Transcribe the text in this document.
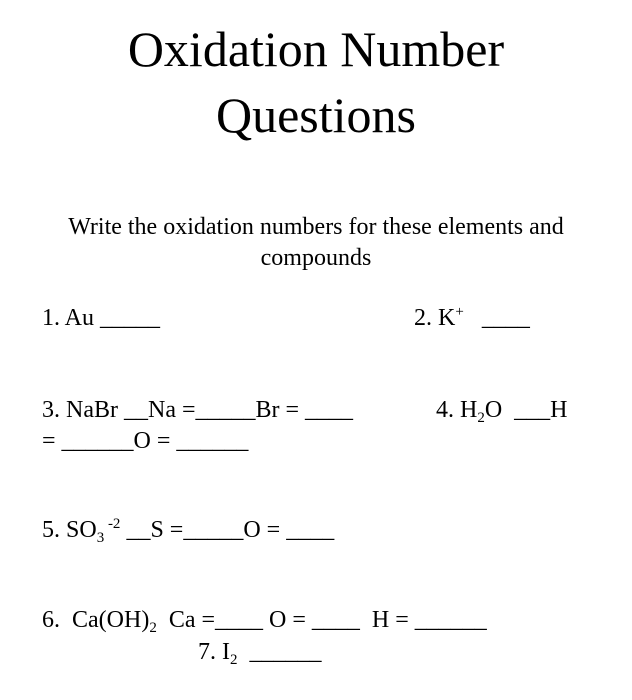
Oxidation Number
Questions
Write the oxidation numbers for these elements and
compounds
1. Au _____	2. K+   ____
3. NaBr __Na =_____Br = ____
= ______O = ______
4. $H_2O$  ___H
5. $SO_3$ $^{-2}$ __S =_____O = ____
6.  $Ca(OH)_2$  Ca =____ O = ____  H = ______
7. $I_2$  ______
